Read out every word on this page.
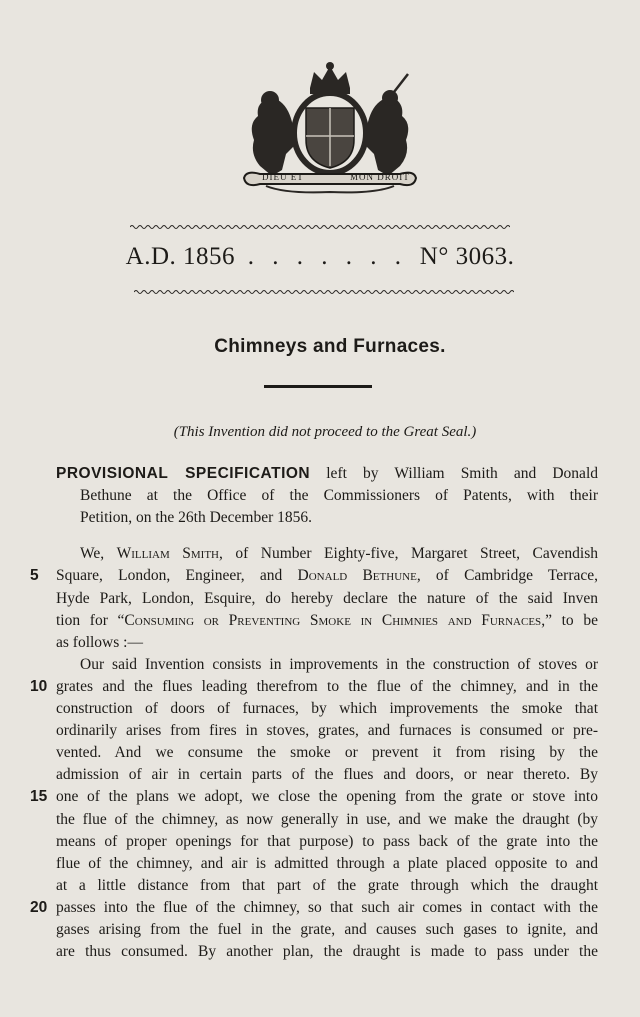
DIEU ET	MON DROIT
A.D. 1856 . . . . . . . N° 3063.
Chimneys and Furnaces.
(This Invention did not proceed to the Great Seal.)
PROVISIONAL SPECIFICATION left by William Smith and Donald
Bethune at the Office of the Commissioners of Patents, with their
Petition, on the 26th December 1856.
We, William Smith, of Number Eighty-five, Margaret Street, Cavendish
Square, London, Engineer, and Donald Bethune, of Cambridge Terrace,
5
Hyde Park, London, Esquire, do hereby declare the nature of the said Inven
tion for “Consuming or Preventing Smoke in Chimnies and Furnaces,” to be
as follows :—
Our said Invention consists in improvements in the construction of stoves or
grates and the flues leading therefrom to the flue of the chimney, and in the
10
construction of doors of furnaces, by which improvements the smoke that
ordinarily arises from fires in stoves, grates, and furnaces is consumed or pre-
vented. And we consume the smoke or prevent it from rising by the
admission of air in certain parts of the flues and doors, or near thereto. By
one of the plans we adopt, we close the opening from the grate or stove into
15
the flue of the chimney, as now generally in use, and we make the draught (by
means of proper openings for that purpose) to pass back of the grate into the
flue of the chimney, and air is admitted through a plate placed opposite to and
at a little distance from that part of the grate through which the draught
passes into the flue of the chimney, so that such air comes in contact with the
20
gases arising from the fuel in the grate, and causes such gases to ignite, and
are thus consumed. By another plan, the draught is made to pass under the
